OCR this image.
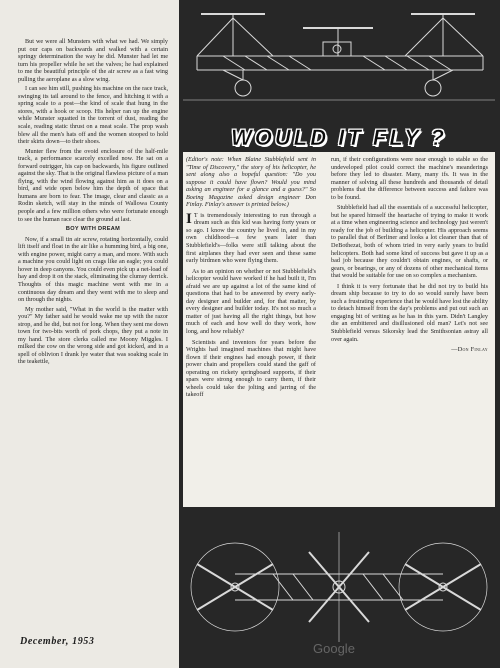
But we were all Munsters with what we had. We simply put our caps on backwards and walked with a certain springy determination the way he did. Munster had let me turn his propeller while he set the valves; he had explained to me the beautiful principle of the air screw as a fast wing pulling the aeroplane as a slow wing.

I can see him still, pushing his machine on the race track, swinging its tail around to the fence, and hitching it with a spring scale to a post—the kind of scale that hung in the stores, with a hook or scoop. His helper ran up the engine while Munster squatted in the torrent of dust, reading the scale, reading static thrust on a meat scale. The prop wash blew all the men's hats off and the women stooped to hold their skirts down—to their shoes.

Munter flew from the ovoid enclosure of the half-mile track, a performance scarcely excelled now. He sat on a forward outrigger, his cap on backwards, his figure outlined against the sky. That is the original flawless picture of a man flying, with the wind flowing against him as it does on a bird, and wide open below him the depth of space that humans are born to fear. The image, clear and classic as a Rodin sketch, will stay in the minds of Wallowa County people and a few million others who were fortunate enough to see the human race clear the ground at last.

BOY WITH DREAM

Now, if a small tin air screw, rotating horizontally, could lift itself and float in the air like a humming bird, a big one, with engine power, might carry a man, and more. With such a machine you could light on crags like an eagle; you could hover in deep canyons. You could even pick up a net-load of hay and drop it on the stack, eliminating the clumsy derrick. Thoughts of this magic machine went with me in a continuous day dream and they went with me to sleep and on through the nights.

My mother said, "What in the world is the matter with you?" My father said he would wake me up with the razor strop, and he did, but not for long. When they sent me down town for two-bits worth of pork chops, they put a note in my hand. The store clerks called me Moony Miggles. I milked the cow on the wrong side and got kicked, and in a spell of oblivion I drank lye water that was soaking scale in the teakettle,

December, 1953
WOULD IT FLY ?

(Editor's note: When Blaine Stubblefield sent in "Time of Discovery," the story of his helicopter, he sent along also a hopeful question: "Do you suppose it could have flown? Would you mind asking an engineer for a glance and a guess?" So Boeing Magazine asked design engineer Don Finlay. Finlay's answer is printed below.)

I T is tremendously interesting to run through a dream such as this kid was having forty years or so ago. I know the country he lived in, and in my own childhood—a few years later than Stubblefield's—folks were still talking about the first airplanes they had ever seen and these same early birdmen who were flying them.

As to an opinion on whether or not Stubblefield's helicopter would have worked if he had built it, I'm afraid we are up against a lot of the same kind of questions that had to be answered by every early-day designer and builder and, for that matter, by every designer and builder today. It's not so much a matter of just having all the right things, but how much of each and how well do they work, how long, and how reliably?

Scientists and inventors for years before the Wrights had imagined machines that might have flown if their engines had enough power, if their power chain and propellers could stand the gaff of operating on rickety springboard supports, if their spars were strong enough to carry them, if their wheels could take the jolting and jarring of the takeoff

run, if their configurations were near enough to stable so the undeveloped pilot could correct the machine's meanderings before they led to disaster. Many, many ifs. It was in the manner of solving all these hundreds and thousands of detail problems that the difference between success and failure was to be found.

Stubblefield had all the essentials of a successful helicopter, but he spared himself the heartache of trying to make it work at a time when engineering science and technology just weren't ready for the job of building a helicopter. His approach seems to parallel that of Berliner and looks a lot cleaner than that of DeBothezat, both of whom tried in very early years to build helicopters. Both had some kind of success but gave it up as a bad job because they couldn't obtain engines, or shafts, or gears, or bearings, or any of dozens of other mechanical items that would be suitable for use on so complex a mechanism.

I think it is very fortunate that he did not try to build his dream ship because to try to do so would surely have been such a frustrating experience that he would have lost the ability to detach himself from the day's problems and put out such an engaging bit of writing as he has in this yarn. Didn't Langley die an embittered and disillusioned old man? Let's not see Stubblefield versus Sikorsky lead the Smithsonian astray all over again.

—Don Finlay
Google
